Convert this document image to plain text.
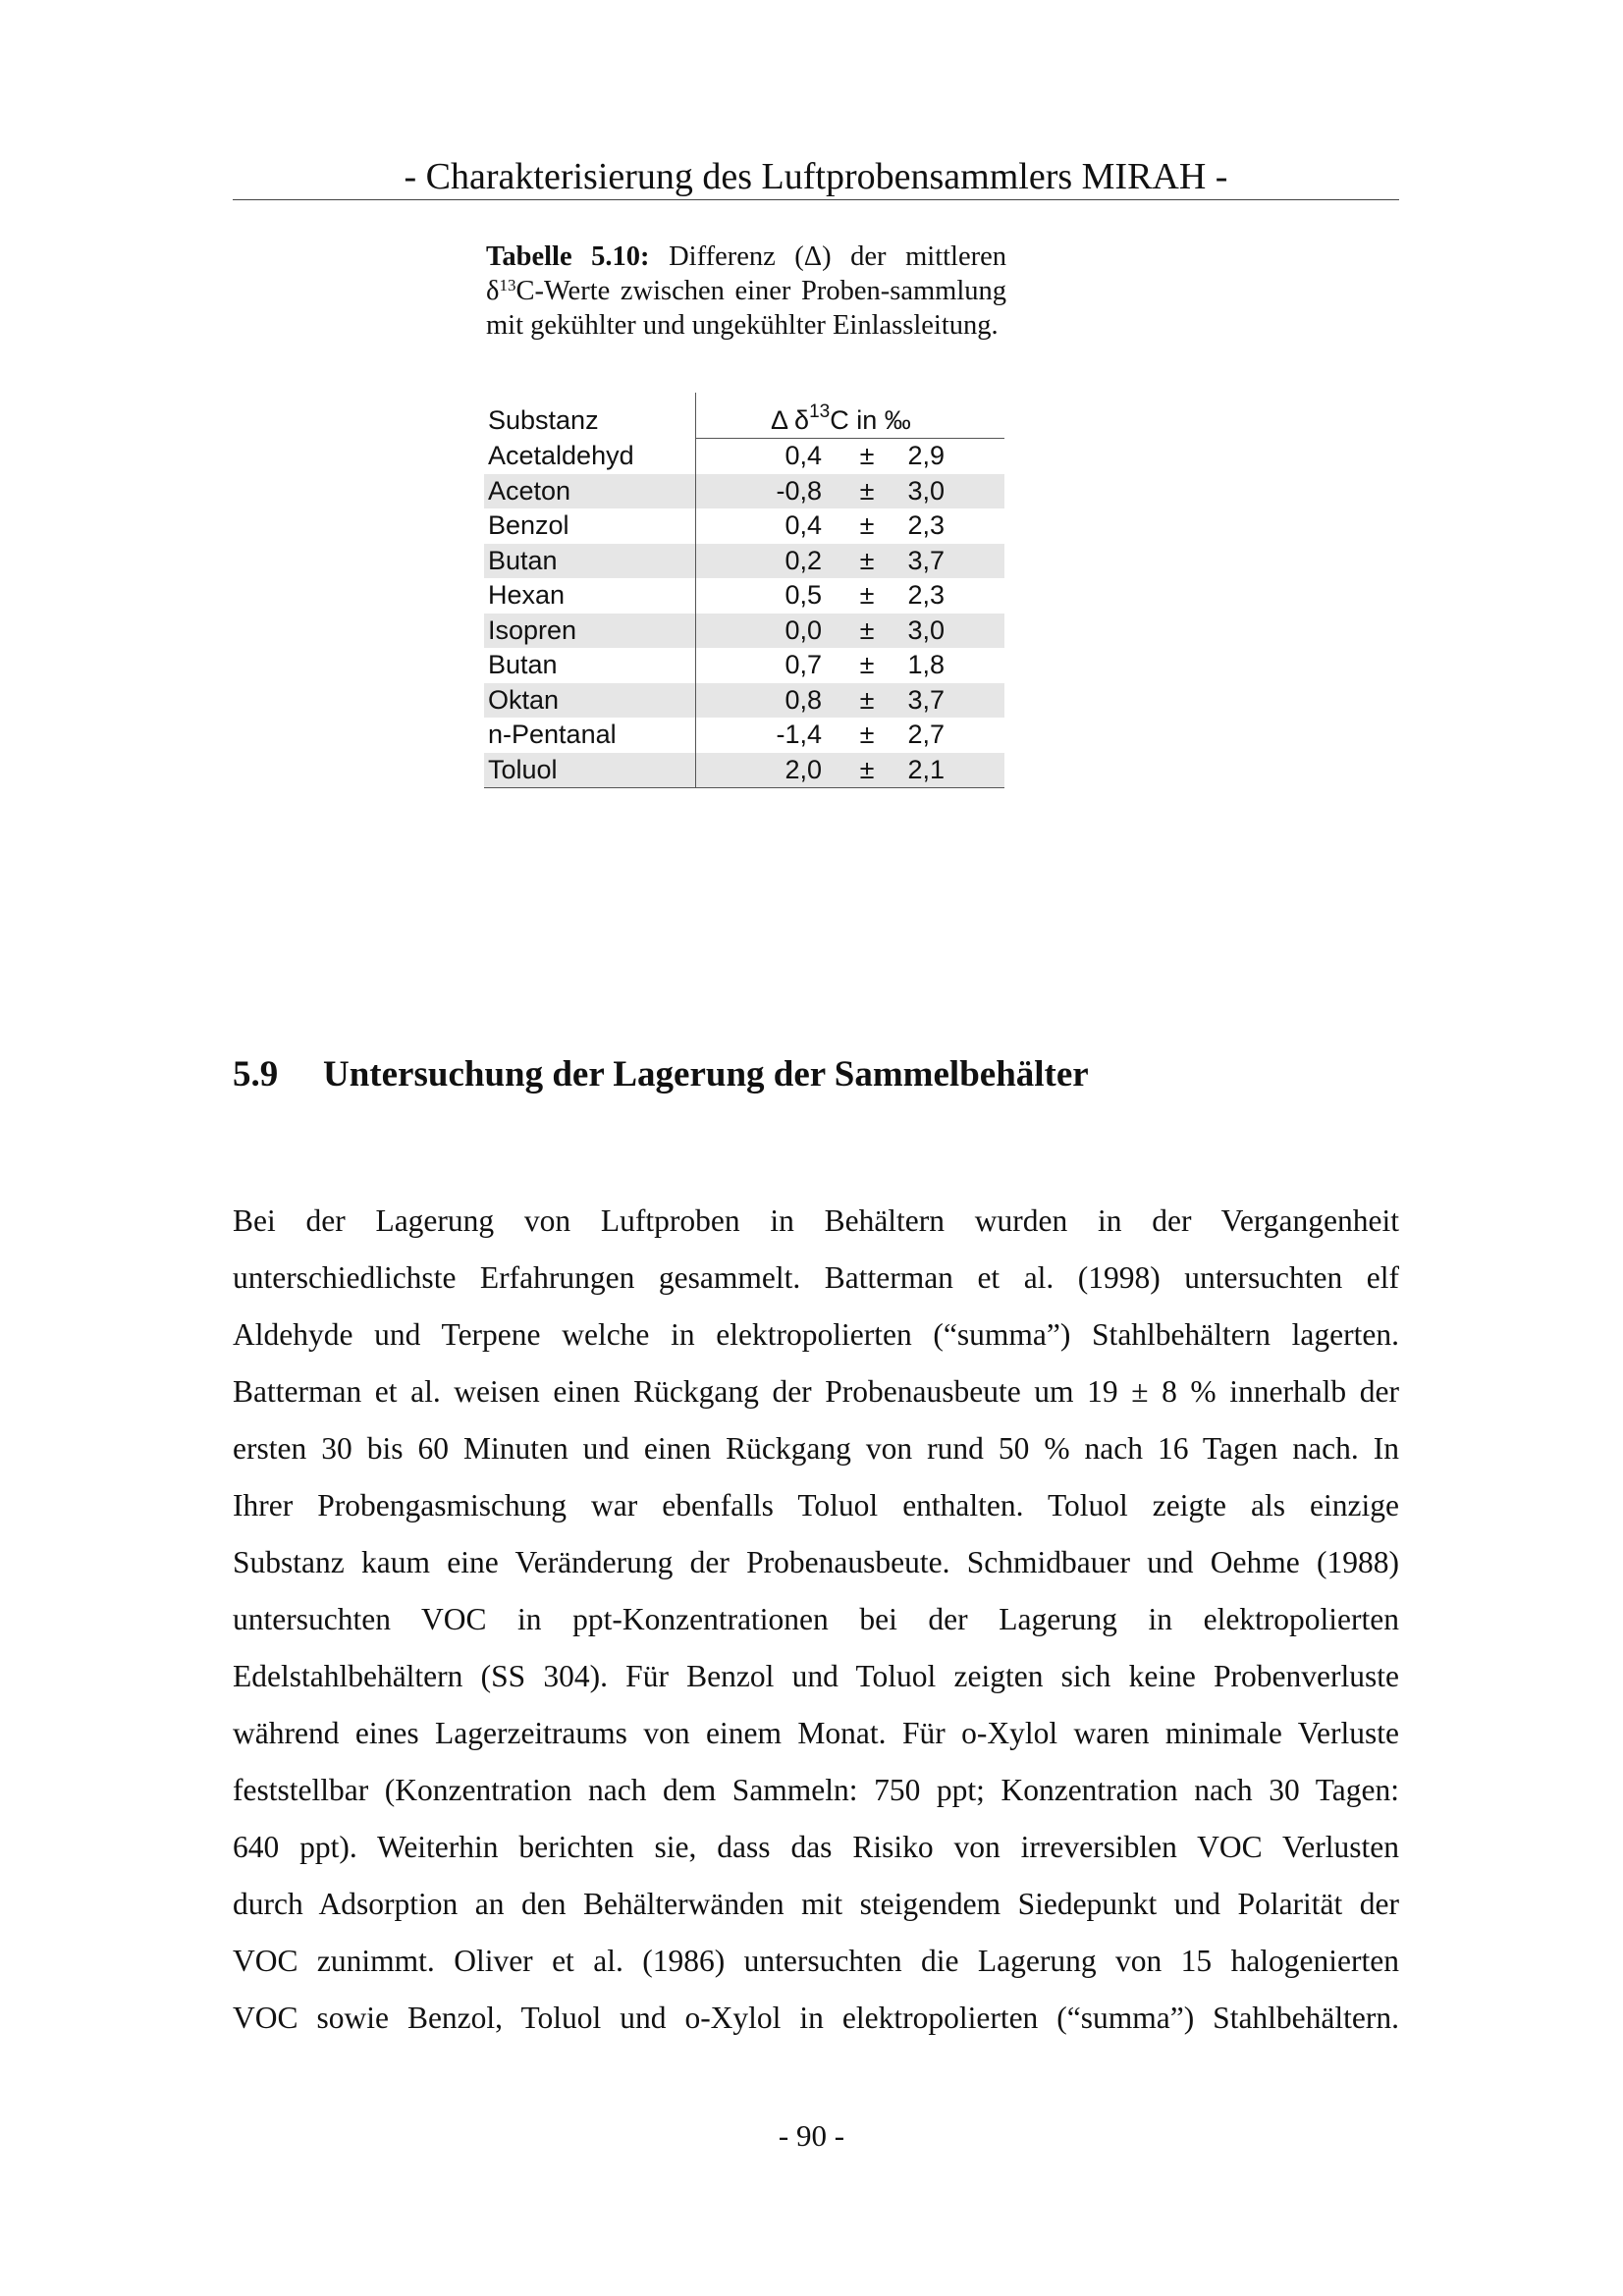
- Charakterisierung des Luftprobensammlers MIRAH -
Tabelle 5.10: Differenz (Δ) der mittleren $\delta^{13}C$-Werte zwischen einer Proben-sammlung mit gekühlter und ungekühlter Einlassleitung.
Substanz	Δ $\delta^{13}C$ in ‰
Acetaldehyd	0,4 ± 2,9
Aceton	-0,8 ± 3,0
Benzol	0,4 ± 2,3
Butan	0,2 ± 3,7
Hexan	0,5 ± 2,3
Isopren	0,0 ± 3,0
Butan	0,7 ± 1,8
Oktan	0,8 ± 3,7
n-Pentanal	-1,4 ± 2,7
Toluol	2,0 ± 2,1
5.9 Untersuchung der Lagerung der Sammelbehälter
Bei der Lagerung von Luftproben in Behältern wurden in der Vergangenheit
unterschiedlichste Erfahrungen gesammelt. Batterman et al. (1998) untersuchten elf
Aldehyde und Terpene welche in elektropolierten (“summa”) Stahlbehältern lagerten.
Batterman et al. weisen einen Rückgang der Probenausbeute um 19 ± 8 % innerhalb der
ersten 30 bis 60 Minuten und einen Rückgang von rund 50 % nach 16 Tagen nach. In
Ihrer Probengasmischung war ebenfalls Toluol enthalten. Toluol zeigte als einzige
Substanz kaum eine Veränderung der Probenausbeute. Schmidbauer und Oehme (1988)
untersuchten VOC in ppt-Konzentrationen bei der Lagerung in elektropolierten
Edelstahlbehältern (SS 304). Für Benzol und Toluol zeigten sich keine Probenverluste
während eines Lagerzeitraums von einem Monat. Für o-Xylol waren minimale Verluste
feststellbar (Konzentration nach dem Sammeln: 750 ppt; Konzentration nach 30 Tagen:
640 ppt). Weiterhin berichten sie, dass das Risiko von irreversiblen VOC Verlusten
durch Adsorption an den Behälterwänden mit steigendem Siedepunkt und Polarität der
VOC zunimmt. Oliver et al. (1986) untersuchten die Lagerung von 15 halogenierten
VOC sowie Benzol, Toluol und o-Xylol in elektropolierten (“summa”) Stahlbehältern.
- 90 -
